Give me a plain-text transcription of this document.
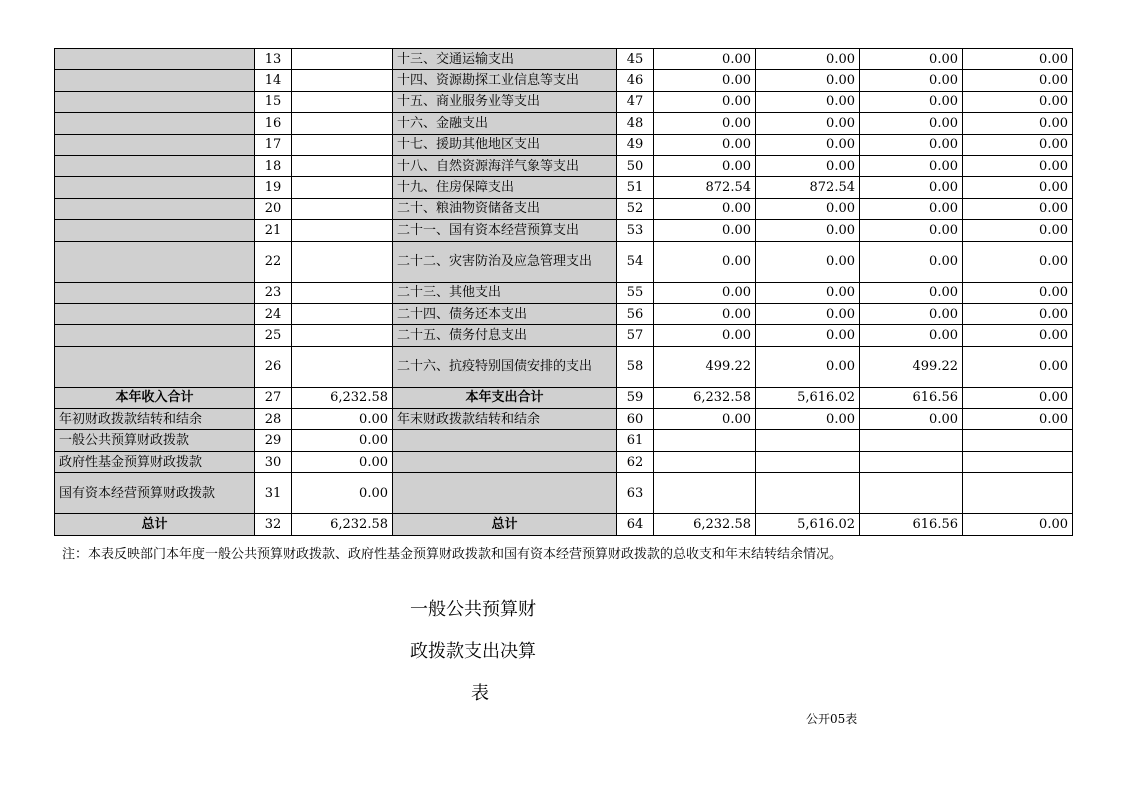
	13		十三、交通运输支出	45	0.00	0.00	0.00	0.00
	14		十四、资源勘探工业信息等支出	46	0.00	0.00	0.00	0.00
	15		十五、商业服务业等支出	47	0.00	0.00	0.00	0.00
	16		十六、金融支出	48	0.00	0.00	0.00	0.00
	17		十七、援助其他地区支出	49	0.00	0.00	0.00	0.00
	18		十八、自然资源海洋气象等支出	50	0.00	0.00	0.00	0.00
	19		十九、住房保障支出	51	872.54	872.54	0.00	0.00
	20		二十、粮油物资储备支出	52	0.00	0.00	0.00	0.00
	21		二十一、国有资本经营预算支出	53	0.00	0.00	0.00	0.00
	22		二十二、灾害防治及应急管理支出	54	0.00	0.00	0.00	0.00
	23		二十三、其他支出	55	0.00	0.00	0.00	0.00
	24		二十四、债务还本支出	56	0.00	0.00	0.00	0.00
	25		二十五、债务付息支出	57	0.00	0.00	0.00	0.00
	26		二十六、抗疫特别国债安排的支出	58	499.22	0.00	499.22	0.00
本年收入合计	27	6,232.58	本年支出合计	59	6,232.58	5,616.02	616.56	0.00
年初财政拨款结转和结余	28	0.00	年末财政拨款结转和结余	60	0.00	0.00	0.00	0.00
一般公共预算财政拨款	29	0.00		61				
政府性基金预算财政拨款	30	0.00		62				
国有资本经营预算财政拨款	31	0.00		63				
总计	32	6,232.58	总计	64	6,232.58	5,616.02	616.56	0.00
注：本表反映部门本年度一般公共预算财政拨款、政府性基金预算财政拨款和国有资本经营预算财政拨款的总收支和年末结转结余情况。
一般公共预算财
政拨款支出决算
表
公开05表
